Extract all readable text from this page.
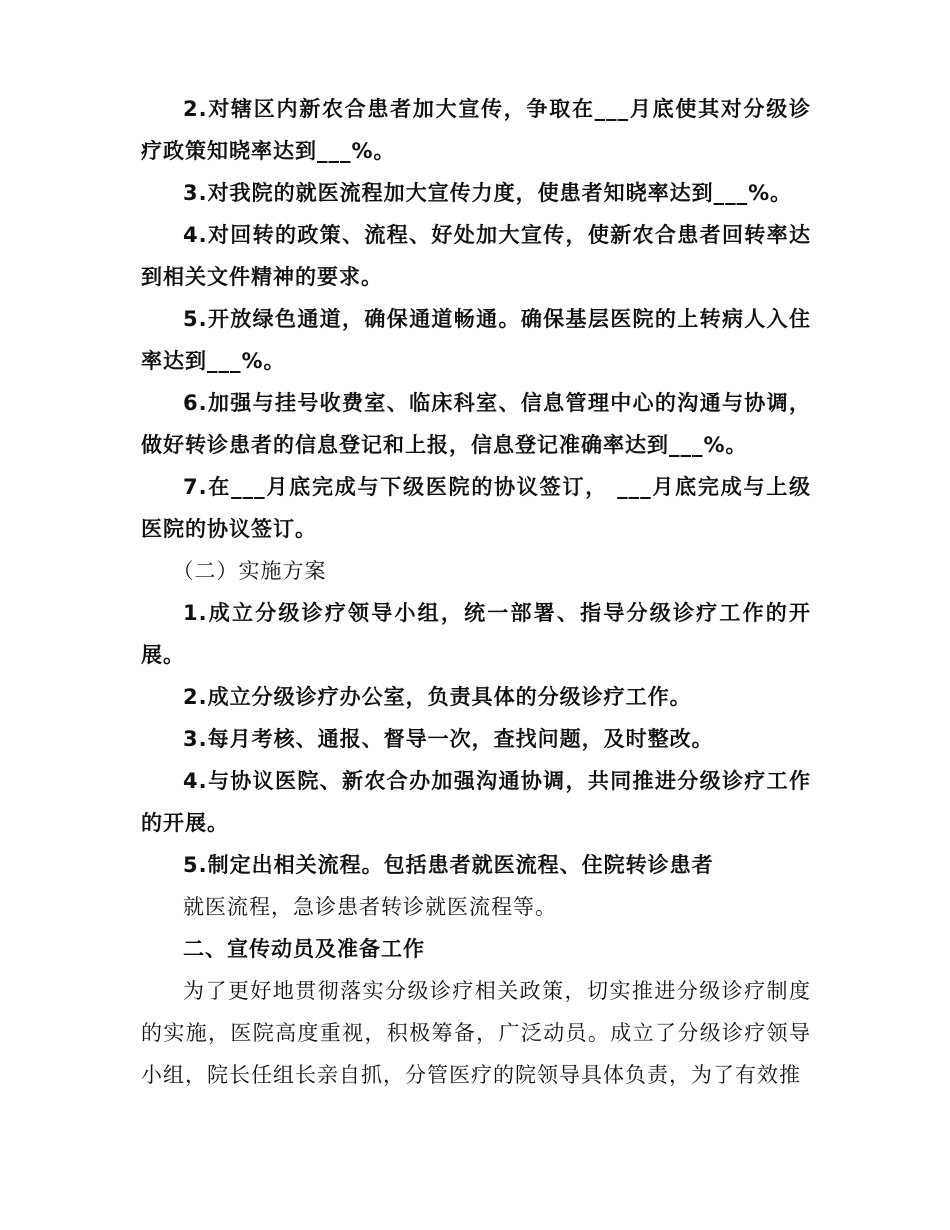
2.对辖区内新农合患者加大宣传，争取在___月底使其对分级诊疗政策知晓率达到___%。

3.对我院的就医流程加大宣传力度，使患者知晓率达到___%。

4.对回转的政策、流程、好处加大宣传，使新农合患者回转率达到相关文件精神的要求。

5.开放绿色通道，确保通道畅通。确保基层医院的上转病人入住率达到___%。

6.加强与挂号收费室、临床科室、信息管理中心的沟通与协调，做好转诊患者的信息登记和上报，信息登记准确率达到___%。

7.在___月底完成与下级医院的协议签订， ___月底完成与上级医院的协议签订。

（二）实施方案

1.成立分级诊疗领导小组，统一部署、指导分级诊疗工作的开展。

2.成立分级诊疗办公室，负责具体的分级诊疗工作。

3.每月考核、通报、督导一次，查找问题，及时整改。

4.与协议医院、新农合办加强沟通协调，共同推进分级诊疗工作的开展。

5.制定出相关流程。包括患者就医流程、住院转诊患者

就医流程，急诊患者转诊就医流程等。

二、宣传动员及准备工作

为了更好地贯彻落实分级诊疗相关政策，切实推进分级诊疗制度的实施，医院高度重视，积极筹备，广泛动员。成立了分级诊疗领导小组，院长任组长亲自抓，分管医疗的院领导具体负责，为了有效推
